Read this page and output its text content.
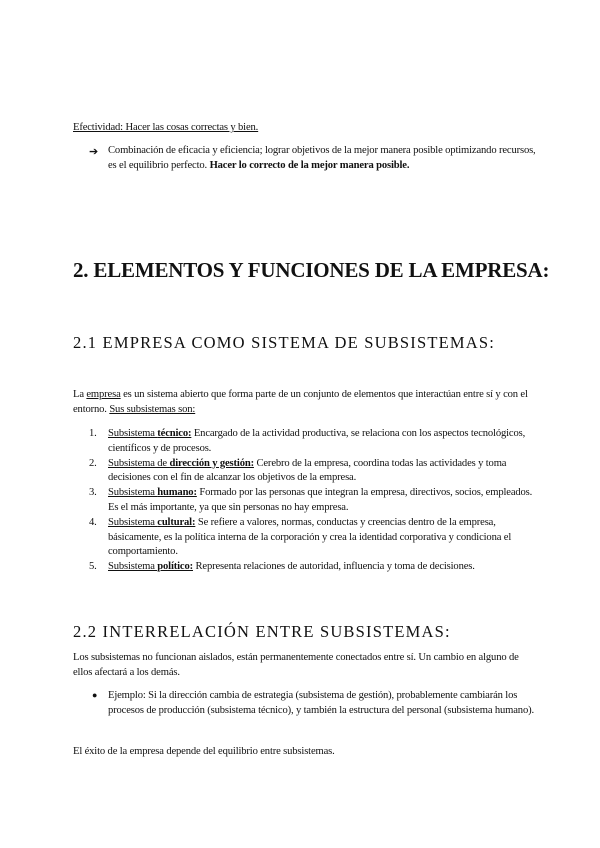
Efectividad: Hacer las cosas correctas y bien.
➔ Combinación de eficacia y eficiencia; lograr objetivos de la mejor manera posible optimizando recursos, es el equilibrio perfecto. Hacer lo correcto de la mejor manera posible.
2. ELEMENTOS Y FUNCIONES DE LA EMPRESA:
2.1 EMPRESA COMO SISTEMA DE SUBSISTEMAS:
La empresa es un sistema abierto que forma parte de un conjunto de elementos que interactúan entre sí y con el entorno. Sus subsistemas son:
1. Subsistema técnico: Encargado de la actividad productiva, se relaciona con los aspectos tecnológicos, científicos y de procesos.
2. Subsistema de dirección y gestión: Cerebro de la empresa, coordina todas las actividades y toma decisiones con el fin de alcanzar los objetivos de la empresa.
3. Subsistema humano: Formado por las personas que integran la empresa, directivos, socios, empleados. Es el más importante, ya que sin personas no hay empresa.
4. Subsistema cultural: Se refiere a valores, normas, conductas y creencias dentro de la empresa, básicamente, es la política interna de la corporación y crea la identidad corporativa y condiciona el comportamiento.
5. Subsistema político: Representa relaciones de autoridad, influencia y toma de decisiones.
2.2 INTERRELACIÓN ENTRE SUBSISTEMAS:
Los subsistemas no funcionan aislados, están permanentemente conectados entre sí. Un cambio en alguno de ellos afectará a los demás.
● Ejemplo: Si la dirección cambia de estrategia (subsistema de gestión), probablemente cambiarán los procesos de producción (subsistema técnico), y también la estructura del personal (subsistema humano).
El éxito de la empresa depende del equilibrio entre subsistemas.
